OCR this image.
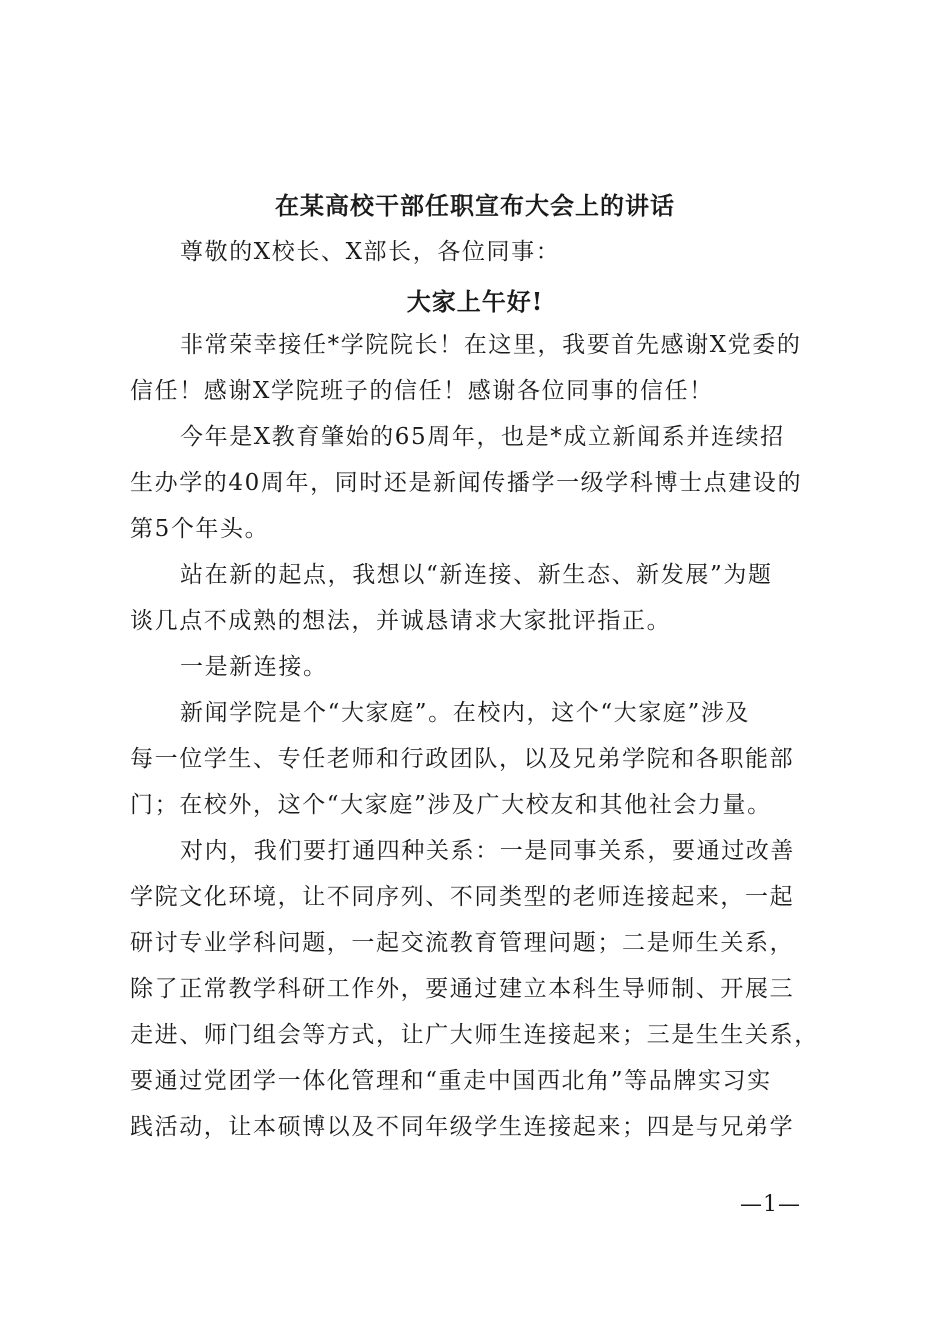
在某高校干部任职宣布大会上的讲话
尊敬的X校长、X部长，各位同事：
大家上午好!
非常荣幸接任*学院院长！在这里，我要首先感谢X党委的
信任！感谢X学院班子的信任！感谢各位同事的信任！
今年是X教育肇始的65周年，也是*成立新闻系并连续招
生办学的40周年，同时还是新闻传播学一级学科博士点建设的
第5个年头。
站在新的起点，我想以“新连接、新生态、新发展”为题
谈几点不成熟的想法，并诚恳请求大家批评指正。
一是新连接。
新闻学院是个“大家庭”。在校内，这个“大家庭”涉及
每一位学生、专任老师和行政团队，以及兄弟学院和各职能部
门；在校外，这个“大家庭”涉及广大校友和其他社会力量。
对内，我们要打通四种关系：一是同事关系，要通过改善
学院文化环境，让不同序列、不同类型的老师连接起来，一起
研讨专业学科问题，一起交流教育管理问题；二是师生关系，
除了正常教学科研工作外，要通过建立本科生导师制、开展三
走进、师门组会等方式，让广大师生连接起来；三是生生关系，
要通过党团学一体化管理和“重走中国西北角”等品牌实习实
践活动，让本硕博以及不同年级学生连接起来；四是与兄弟学
—1—
